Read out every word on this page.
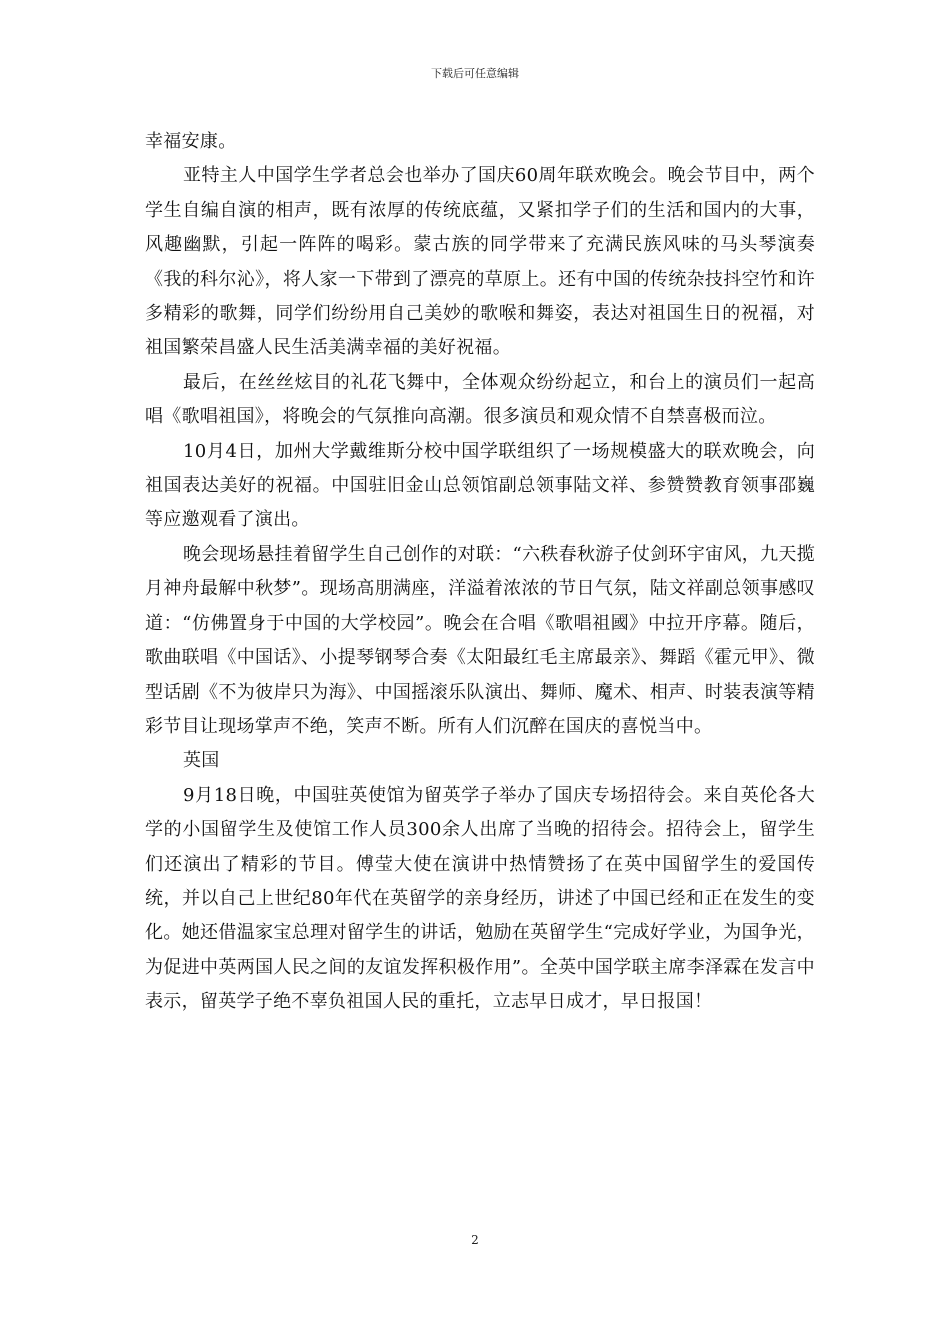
下载后可任意编辑

幸福安康。

亚特主人中国学生学者总会也举办了国庆60周年联欢晚会。晚会节目中，两个学生自编自演的相声，既有浓厚的传统底蕴，又紧扣学子们的生活和国内的大事，风趣幽默，引起一阵阵的喝彩。蒙古族的同学带来了充满民族风味的马头琴演奏《我的科尔沁》，将人家一下带到了漂亮的草原上。还有中国的传统杂技抖空竹和许多精彩的歌舞，同学们纷纷用自己美妙的歌喉和舞姿，表达对祖国生日的祝福，对祖国繁荣昌盛人民生活美满幸福的美好祝福。

最后，在丝丝炫目的礼花飞舞中，全体观众纷纷起立，和台上的演员们一起高唱《歌唱祖国》，将晚会的气氛推向高潮。很多演员和观众情不自禁喜极而泣。

10月4日，加州大学戴维斯分校中国学联组织了一场规模盛大的联欢晚会，向祖国表达美好的祝福。中国驻旧金山总领馆副总领事陆文祥、参赞赞教育领事邵巍等应邀观看了演出。

晚会现场悬挂着留学生自己创作的对联：“六秩春秋游子仗剑环宇宙风，九天揽月神舟最解中秋梦”。现场高朋满座，洋溢着浓浓的节日气氛，陆文祥副总领事感叹道：“仿佛置身于中国的大学校园”。晚会在合唱《歌唱祖國》中拉开序幕。随后，歌曲联唱《中国话》、小提琴钢琴合奏《太阳最红毛主席最亲》、舞蹈《霍元甲》、微型话剧《不为彼岸只为海》、中国摇滚乐队演出、舞师、魔术、相声、时装表演等精彩节目让现场掌声不绝，笑声不断。所有人们沉醉在国庆的喜悦当中。

英国

9月18日晚，中国驻英使馆为留英学子举办了国庆专场招待会。来自英伦各大学的小国留学生及使馆工作人员300余人出席了当晚的招待会。招待会上，留学生们还演出了精彩的节目。傅莹大使在演讲中热情赞扬了在英中国留学生的爱国传统，并以自己上世纪80年代在英留学的亲身经历，讲述了中国已经和正在发生的变化。她还借温家宝总理对留学生的讲话，勉励在英留学生“完成好学业，为国争光，为促进中英两国人民之间的友谊发挥积极作用”。全英中国学联主席李泽霖在发言中表示，留英学子绝不辜负祖国人民的重托，立志早日成才，早日报国！

2
